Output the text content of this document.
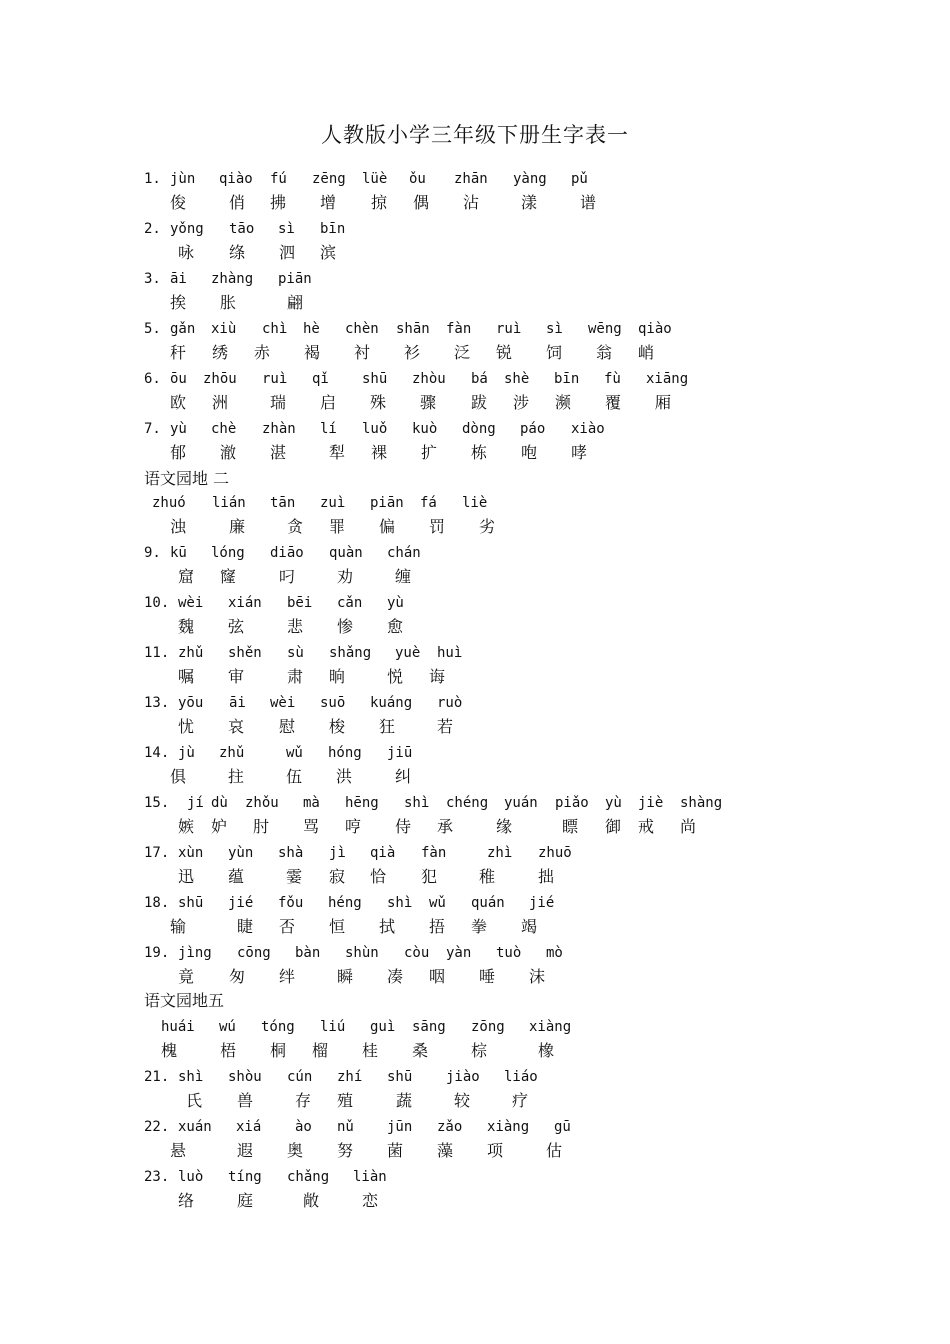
人教版小学三年级下册生字表一
1. jùn qiào fú zēng lüè ǒu zhān yàng pǔ
俊	俏 拂 增 掠 偶 沾	漾	谱
2. yǒng tāo sì bīn
咏 绦 泗 滨
3. āi zhàng piān
挨 胀	翩
5. gǎn xiù chì hè chèn shān fàn ruì sì wēng qiào
秆 绣 赤 褐 衬 衫 泛 锐 饲 翁 峭
6. ōu zhōu ruì qǐ shū zhòu bá shè bīn fù xiāng
欧 洲	瑞 启 殊 骤 跋 涉 濒 覆 厢
7. yù chè zhàn lí luǒ kuò dòng páo xiào
郁 澈 湛	犁 裸 扩 栋 咆 哮
语文园地 二
zhuó lián tān zuì piān fá liè
浊	廉	贪 罪 偏 罚 劣
9. kū lóng diāo quàn chán
窟 窿	叼	劝	缠
10. wèi xián bēi cǎn yù
魏 弦	悲 惨 愈
11. zhǔ shěn sù shǎng yuè huì
嘱 审	肃 晌	悦 诲
13. yōu āi wèi suō kuáng ruò
忧 哀 慰 梭 狂	若
14. jù zhǔ	wǔ hóng jiū
俱	拄	伍 洪	纠
15. jí dù zhǒu mà hēng shì chéng yuán piǎo yù jiè shàng
嫉 妒 肘 骂 哼 侍 承	缘	瞟 御 戒 尚
17. xùn yùn shà jì qià fàn	zhì zhuō
迅 蕴	霎 寂 恰 犯	稚	拙
18. shū jié fǒu héng shì wǔ quán jié
输	睫 否 恒 拭 捂 拳 竭
19. jìng cōng bàn shùn còu yàn tuò mò
竟 匆 绊	瞬 凑 咽 唾 沫
语文园地五
huái wú tóng liú guì sāng zōng xiàng
槐	梧 桐 榴 桂 桑	棕	橡
21. shì shòu cún zhí shū jiào liáo
氏 兽	存 殖	蔬	较	疗
22. xuán xiá ào nǔ jūn zǎo xiàng gū
悬	遐 奥 努 菌 藻 项	估
23. luò tíng chǎng liàn
络	庭	敞	恋
